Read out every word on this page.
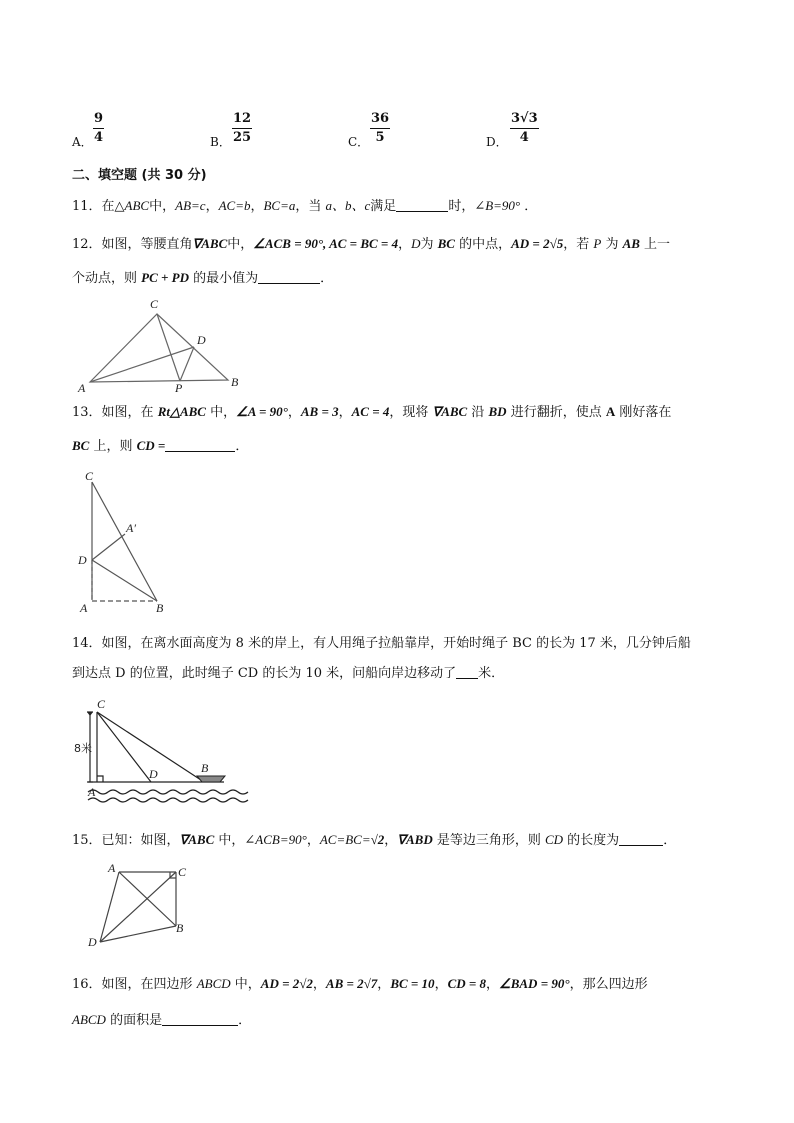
A．
9
4	B．
12
25	C．
36
5	D．
3√3
4
二、填空题 (共 30 分)
11．在△ABC中，AB=c，AC=b，BC=a，当 a、b、c满足	时，∠B=90° ．
12．如图，等腰直角∇ABC中，∠ACB = 90°, AC = BC = 4，D为 BC 的中点，AD = 2√5，若 P 为 AB 上一
个动点，则 PC + PD 的最小值为	．
C
D
A	P	B
13．如图，在 Rt△ABC 中，∠A = 90°，AB = 3，AC = 4，现将 ∇ABC 沿 BD 进行翻折，使点 A 刚好落在
BC 上，则 CD =	．
C
A′
D
A	B
14．如图，在离水面高度为 8 米的岸上，有人用绳子拉船靠岸，开始时绳子 BC 的长为 17 米，几分钟后船
到达点 D 的位置，此时绳子 CD 的长为 10 米，问船向岸边移动了 米．
C
8米
D	B
A
15．已知：如图，∇ABC 中，∠ACB=90°，AC=BC=√2，∇ABD 是等边三角形，则 CD 的长度为	．
A	C
D
B
16．如图，在四边形 ABCD 中，AD = 2√2，AB = 2√7，BC = 10，CD = 8，∠BAD = 90°，那么四边形
ABCD 的面积是	．
